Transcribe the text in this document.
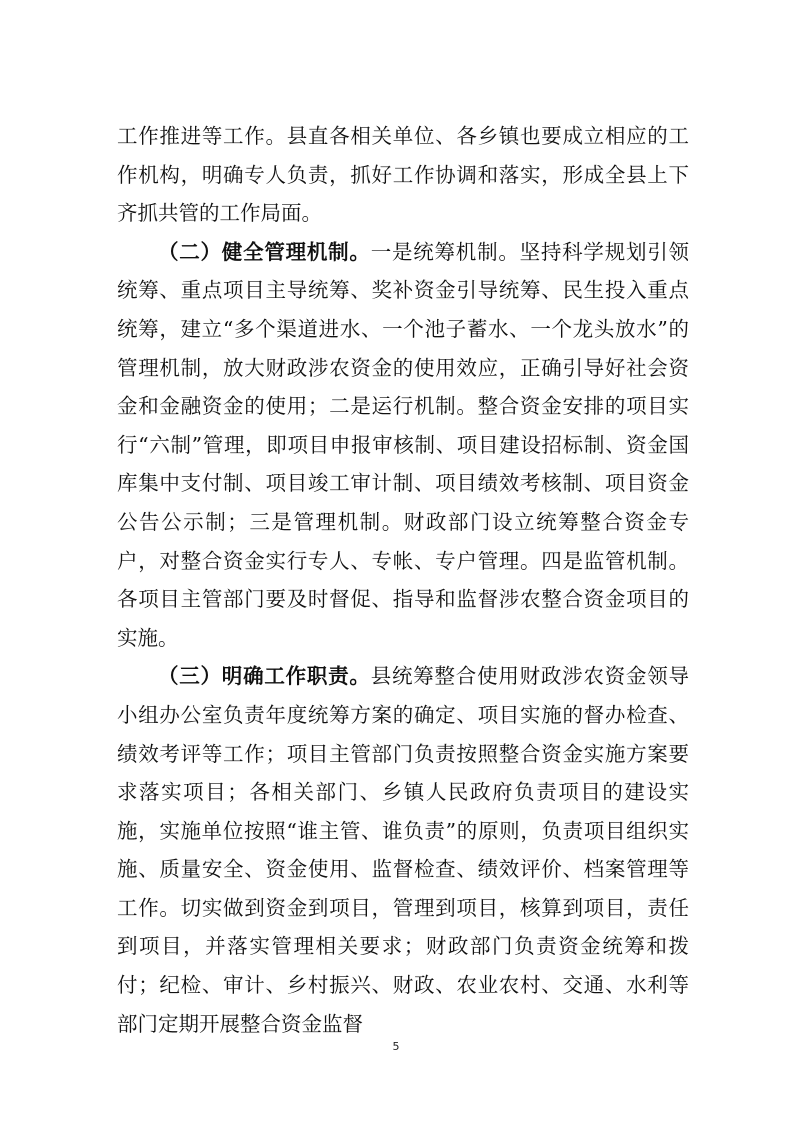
工作推进等工作。县直各相关单位、各乡镇也要成立相应的工作机构，明确专人负责，抓好工作协调和落实，形成全县上下齐抓共管的工作局面。

（二）健全管理机制。一是统筹机制。坚持科学规划引领统筹、重点项目主导统筹、奖补资金引导统筹、民生投入重点统筹，建立“多个渠道进水、一个池子蓄水、一个龙头放水”的管理机制，放大财政涉农资金的使用效应，正确引导好社会资金和金融资金的使用；二是运行机制。整合资金安排的项目实行“六制”管理，即项目申报审核制、项目建设招标制、资金国库集中支付制、项目竣工审计制、项目绩效考核制、项目资金公告公示制；三是管理机制。财政部门设立统筹整合资金专户，对整合资金实行专人、专帐、专户管理。四是监管机制。各项目主管部门要及时督促、指导和监督涉农整合资金项目的实施。

（三）明确工作职责。县统筹整合使用财政涉农资金领导小组办公室负责年度统筹方案的确定、项目实施的督办检查、绩效考评等工作；项目主管部门负责按照整合资金实施方案要求落实项目；各相关部门、乡镇人民政府负责项目的建设实施，实施单位按照“谁主管、谁负责”的原则，负责项目组织实施、质量安全、资金使用、监督检查、绩效评价、档案管理等工作。切实做到资金到项目，管理到项目，核算到项目，责任到项目，并落实管理相关要求；财政部门负责资金统筹和拨付；纪检、审计、乡村振兴、财政、农业农村、交通、水利等部门定期开展整合资金监督

5
